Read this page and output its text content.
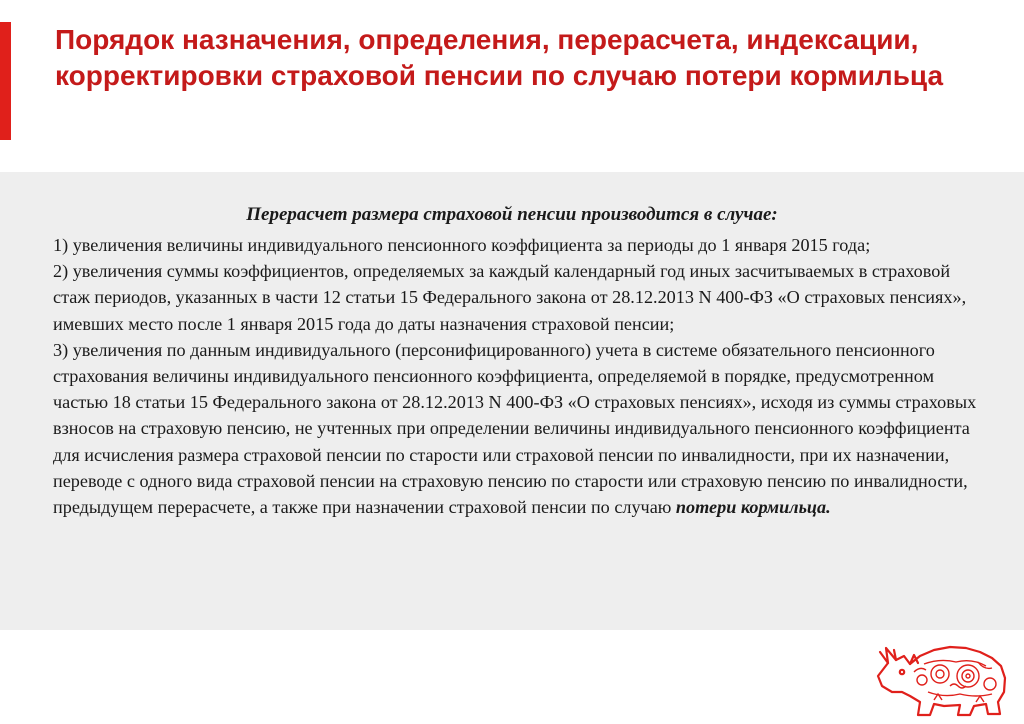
Порядок назначения, определения, перерасчета, индексации, корректировки страховой пенсии по случаю потери кормильца

Перерасчет размера страховой пенсии производится в случае:

1) увеличения величины индивидуального пенсионного коэффициента за периоды до 1 января 2015 года;

2) увеличения суммы коэффициентов, определяемых за каждый календарный год иных засчитываемых в страховой стаж периодов, указанных в части 12 статьи 15 Федерального закона от 28.12.2013 N 400-ФЗ «О страховых пенсиях», имевших место после 1 января 2015 года до даты назначения страховой пенсии;

3) увеличения по данным индивидуального (персонифицированного) учета в системе обязательного пенсионного страхования величины индивидуального пенсионного коэффициента, определяемой в порядке, предусмотренном частью 18 статьи 15 Федерального закона от 28.12.2013 N 400-ФЗ «О страховых пенсиях», исходя из суммы страховых взносов на страховую пенсию, не учтенных при определении величины индивидуального пенсионного коэффициента для исчисления размера страховой пенсии по старости или страховой пенсии по инвалидности, при их назначении, переводе с одного вида страховой пенсии на страховую пенсию по старости или страховую пенсию по инвалидности, предыдущем перерасчете, а также при назначении страховой пенсии по случаю потери кормильца.
